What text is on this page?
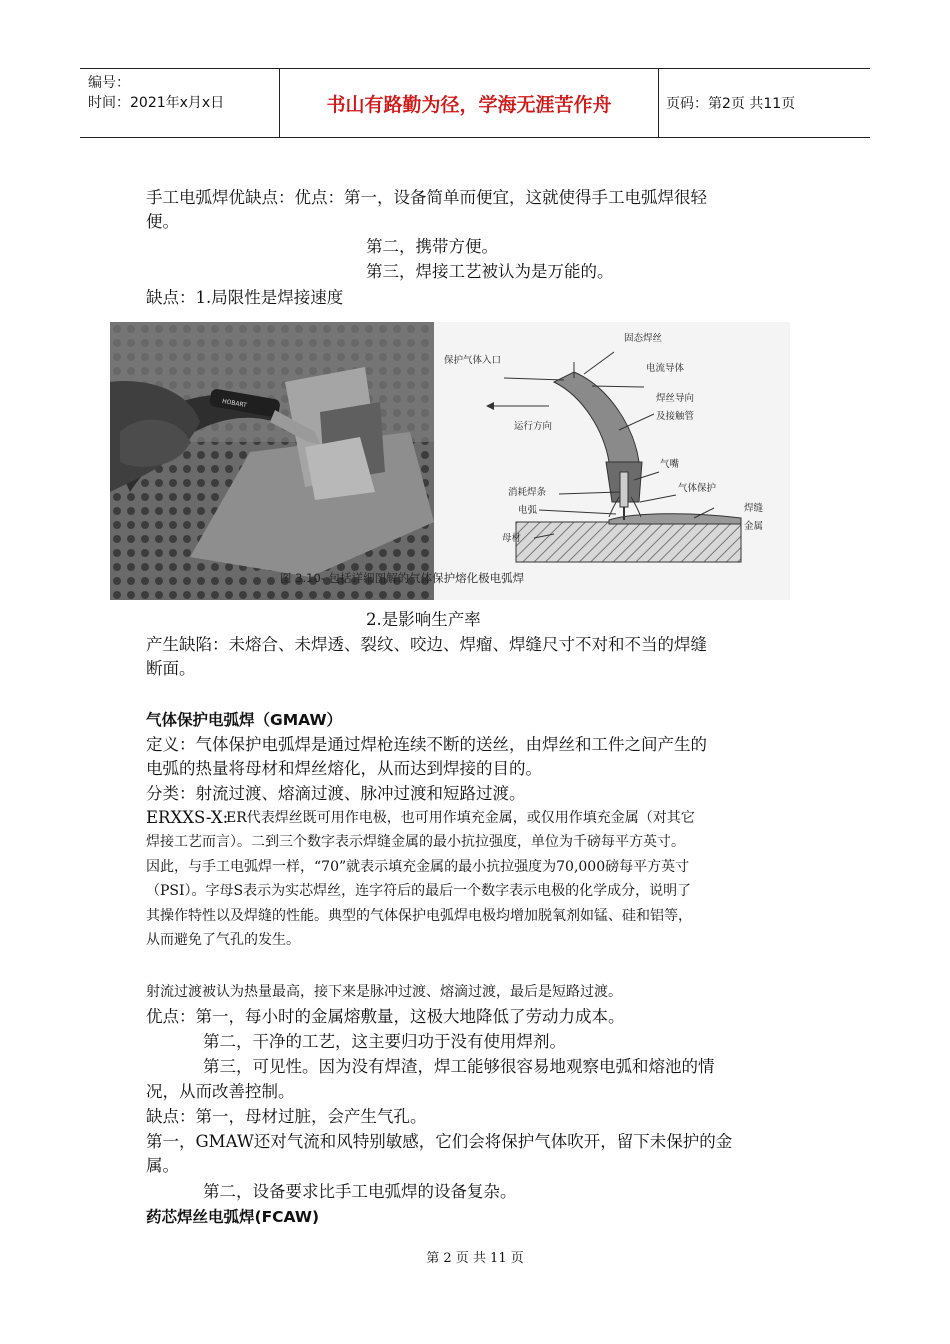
编号：
时间：2021年x月x日	书山有路勤为径，学海无涯苦作舟	页码：第2页 共11页
手工电弧焊优缺点：优点：第一，设备简单而便宜，这就使得手工电弧焊很轻
便。
第二，携带方便。
第三，焊接工艺被认为是万能的。
缺点：1.局限性是焊接速度
HOBART
固态焊丝
保护气体入口
电流导体
运行方向
焊丝导向
及接触管
气嘴
气体保护
消耗焊条
电弧	焊缝
金属
母材
图 3.10- 包括详细图解的气体保护熔化极电弧焊
2.是影响生产率
产生缺陷：未熔合、未焊透、裂纹、咬边、焊瘤、焊缝尺寸不对和不当的焊缝
断面。
气体保护电弧焊（GMAW）
定义：气体保护电弧焊是通过焊枪连续不断的送丝，由焊丝和工件之间产生的
电弧的热量将母材和焊丝熔化，从而达到焊接的目的。
分类：射流过渡、熔滴过渡、脉冲过渡和短路过渡。
ERXXS-X:
ER代表焊丝既可用作电极，也可用作填充金属，或仅用作填充金属（对其它
焊接工艺而言）。二到三个数字表示焊缝金属的最小抗拉强度，单位为千磅每平方英寸。
因此，与手工电弧焊一样，“70”就表示填充金属的最小抗拉强度为70,000磅每平方英寸
（PSI）。字母S表示为实芯焊丝，连字符后的最后一个数字表示电极的化学成分，说明了
其操作特性以及焊缝的性能。典型的气体保护电弧焊电极均增加脱氧剂如锰、硅和铝等，
从而避免了气孔的发生。
射流过渡被认为热量最高，接下来是脉冲过渡、熔滴过渡，最后是短路过渡。
优点：第一，每小时的金属熔敷量，这极大地降低了劳动力成本。
第二，干净的工艺，这主要归功于没有使用焊剂。
第三，可见性。因为没有焊渣，焊工能够很容易地观察电弧和熔池的情
况，从而改善控制。
缺点：第一，母材过脏，会产生气孔。
第一，GMAW还对气流和风特别敏感，它们会将保护气体吹开，留下未保护的金
属。
第二，设备要求比手工电弧焊的设备复杂。
药芯焊丝电弧焊(FCAW)
第 2 页 共 11 页
